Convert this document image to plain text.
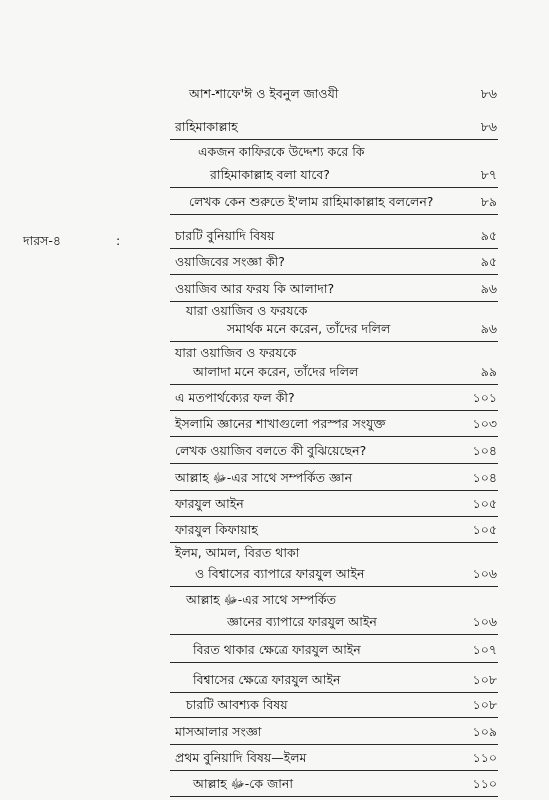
দারস-৪	:
আশ-শাফে'ঈ ও ইবনুল জাওযী	৮৬
রাহিমাকাল্লাহ	৮৬
একজন কাফিরকে উদ্দেশ্য করে কি
রাহিমাকাল্লাহ বলা যাবে?	৮৭
লেখক কেন শুরুতে ই'লাম রাহিমাকাল্লাহ বললেন?	৮৯
চারটি বুনিয়াদি বিষয়	৯৫
ওয়াজিবের সংজ্ঞা কী?	৯৫
ওয়াজিব আর ফরয কি আলাদা?	৯৬
যারা ওয়াজিব ও ফরযকে
সমার্থক মনে করেন, তাঁদের দলিল	৯৬
যারা ওয়াজিব ও ফরযকে
আলাদা মনে করেন, তাঁদের দলিল	৯৯
এ মতপার্থক্যের ফল কী?	১০১
ইসলামি জ্ঞানের শাখাগুলো পরস্পর সংযুক্ত	১০৩
লেখক ওয়াজিব বলতে কী বুঝিয়েছেন?	১০৪
আল্লাহ ﷻ-এর সাথে সম্পর্কিত জ্ঞান	১০৪
ফারযুল আইন	১০৫
ফারযুল কিফায়াহ	১০৫
ইলম, আমল, বিরত থাকা
ও বিশ্বাসের ব্যাপারে ফারযুল আইন	১০৬
আল্লাহ ﷻ-এর সাথে সম্পর্কিত
জ্ঞানের ব্যাপারে ফারযুল আইন	১০৬
বিরত থাকার ক্ষেত্রে ফারযুল আইন	১০৭
বিশ্বাসের ক্ষেত্রে ফারযুল আইন	১০৮
চারটি আবশ্যক বিষয়	১০৮
মাসআলার সংজ্ঞা	১০৯
প্রথম বুনিয়াদি বিষয়—ইলম	১১০
আল্লাহ ﷻ-কে জানা	১১০
